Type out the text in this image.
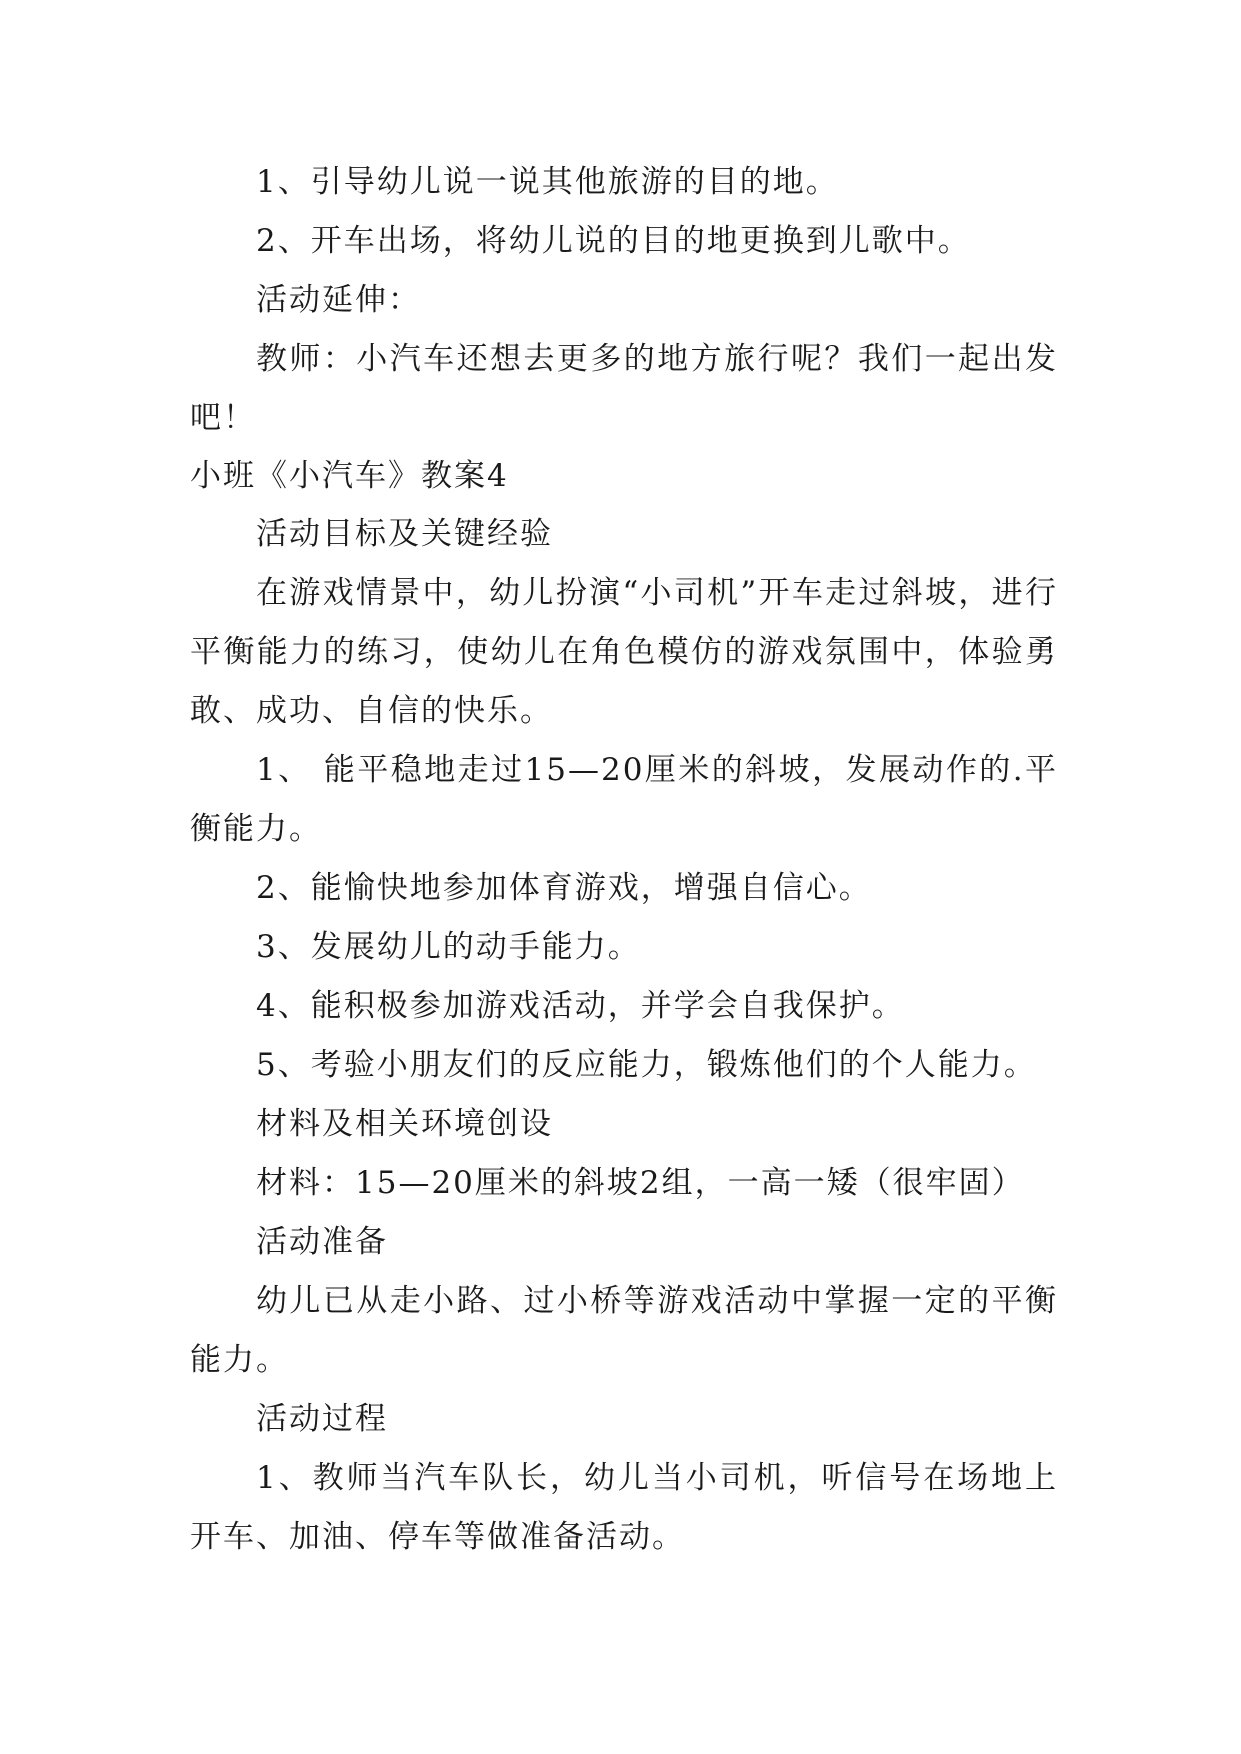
1、引导幼儿说一说其他旅游的目的地。

2、开车出场，将幼儿说的目的地更换到儿歌中。

活动延伸：

教师：小汽车还想去更多的地方旅行呢？我们一起出发吧！

小班《小汽车》教案4

活动目标及关键经验

在游戏情景中，幼儿扮演“小司机”开车走过斜坡，进行平衡能力的练习，使幼儿在角色模仿的游戏氛围中，体验勇敢、成功、自信的快乐。

1、 能平稳地走过15—20厘米的斜坡，发展动作的.平衡能力。

2、能愉快地参加体育游戏，增强自信心。

3、发展幼儿的动手能力。

4、能积极参加游戏活动，并学会自我保护。

5、考验小朋友们的反应能力，锻炼他们的个人能力。

材料及相关环境创设

材料：15—20厘米的斜坡2组，一高一矮（很牢固）

活动准备

幼儿已从走小路、过小桥等游戏活动中掌握一定的平衡能力。

活动过程

1、教师当汽车队长，幼儿当小司机，听信号在场地上开车、加油、停车等做准备活动。
